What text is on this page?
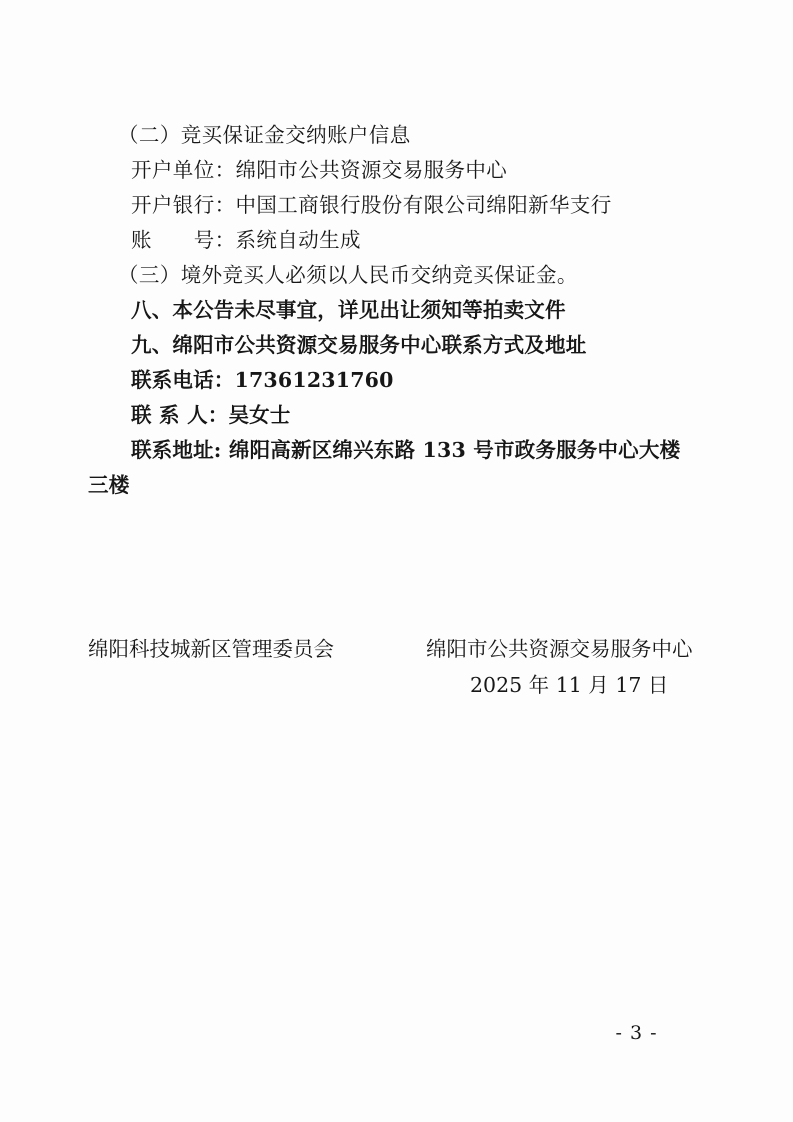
（二）竞买保证金交纳账户信息
开户单位：绵阳市公共资源交易服务中心
开户银行：中国工商银行股份有限公司绵阳新华支行
账　　号：系统自动生成
（三）境外竞买人必须以人民币交纳竞买保证金。
八、本公告未尽事宜，详见出让须知等拍卖文件
九、绵阳市公共资源交易服务中心联系方式及地址
联系电话：17361231760
联 系 人：吴女士
联系地址: 绵阳高新区绵兴东路 133 号市政务服务中心大楼
三楼
绵阳科技城新区管理委员会	绵阳市公共资源交易服务中心
2025 年 11 月 17 日
- 3 -
